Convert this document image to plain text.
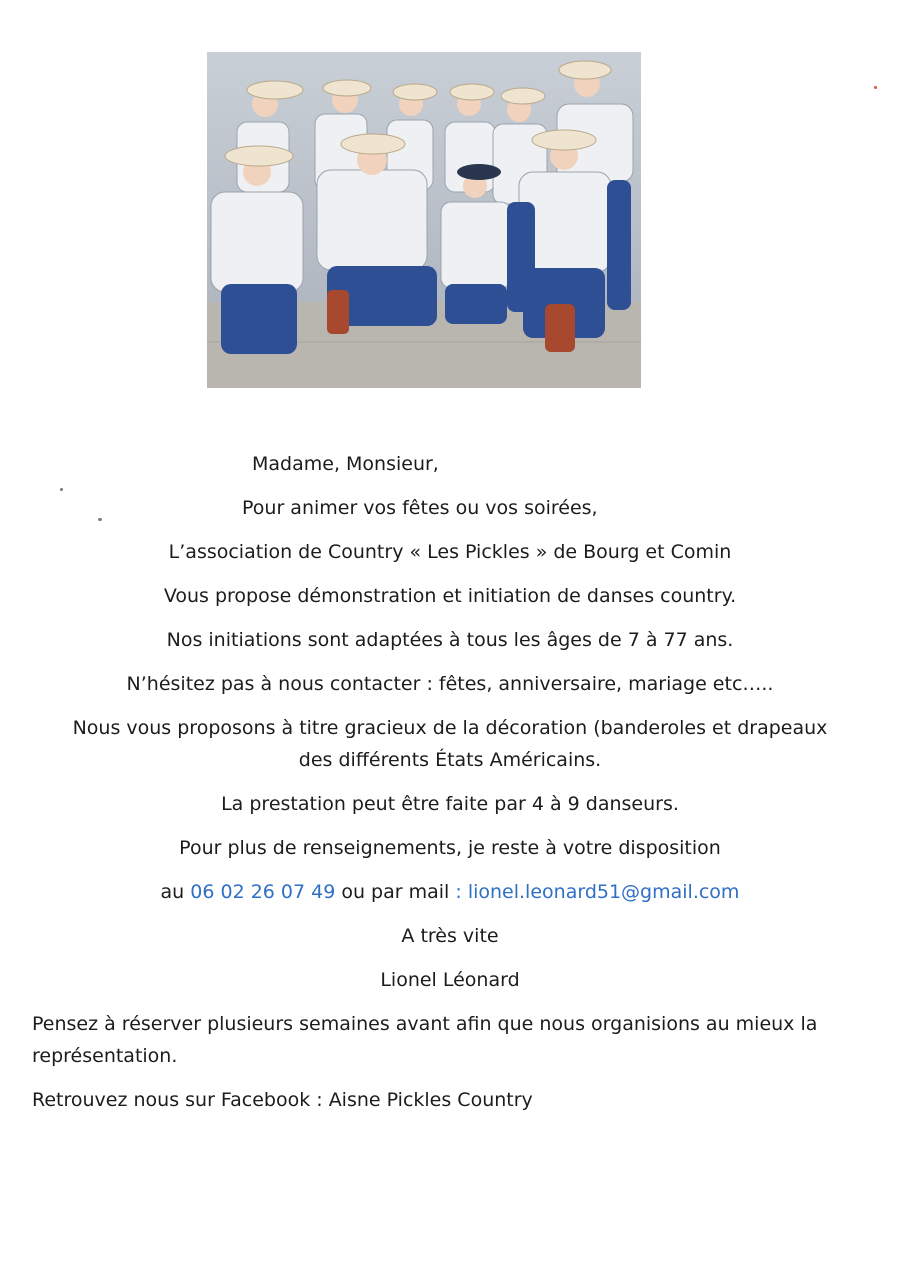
Madame, Monsieur,
Pour animer vos fêtes ou vos soirées,
L’association de Country « Les Pickles » de Bourg et Comin
Vous propose démonstration et initiation de danses country.
Nos initiations sont adaptées à tous les âges de 7 à 77 ans.
N’hésitez pas à nous contacter : fêtes, anniversaire, mariage etc…..
Nous vous proposons à titre gracieux de la décoration (banderoles et drapeaux
des différents États Américains.
La prestation peut être faite par 4 à 9 danseurs.
Pour plus de renseignements, je reste à votre disposition
au 06 02 26 07 49 ou par mail : lionel.leonard51@gmail.com
A très vite
Lionel Léonard
Pensez à réserver plusieurs semaines avant afin que nous organisions au mieux la
représentation.
Retrouvez nous sur Facebook : Aisne Pickles Country
